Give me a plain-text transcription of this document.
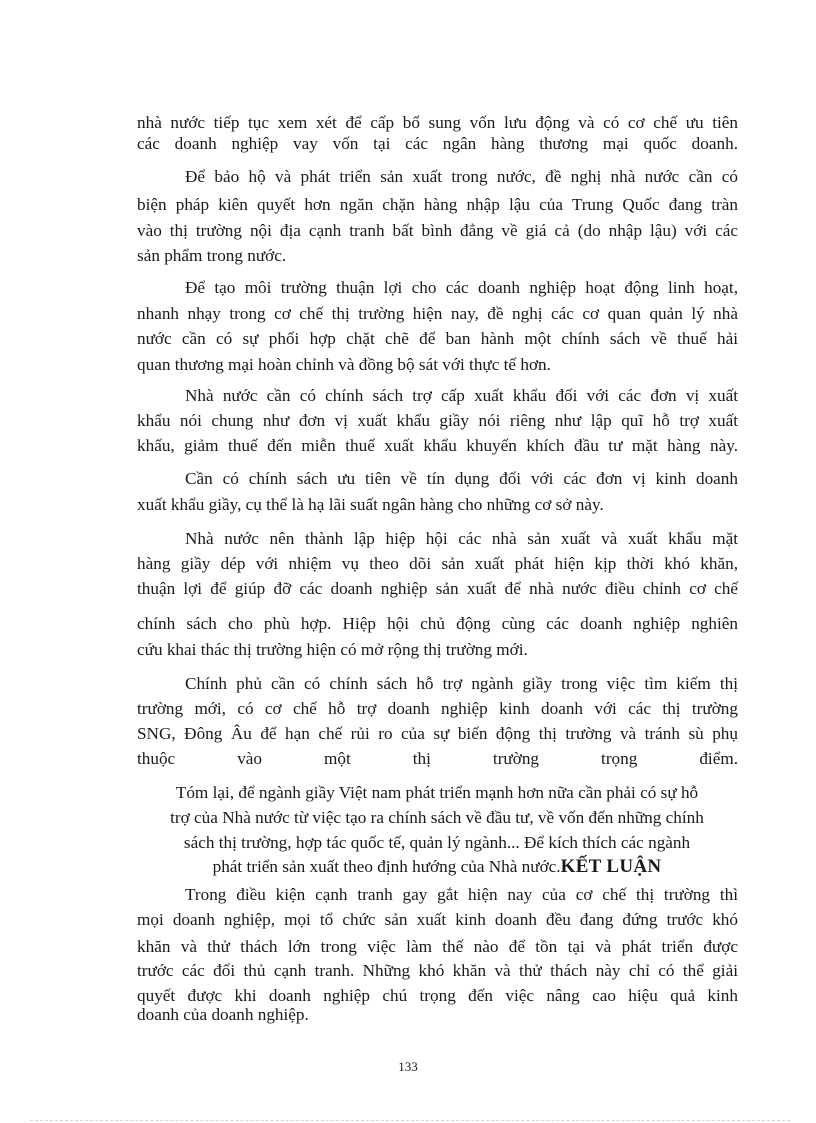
nhà nước tiếp tục xem xét để cấp bổ sung vốn lưu động và có cơ chế ưu tiên
các doanh nghiệp vay vốn tại các ngân hàng thương mại quốc doanh.
Để bảo hộ và phát triển sản xuất trong nước, đề nghị nhà nước cần có
biện pháp kiên quyết hơn ngăn chặn hàng nhập lậu của Trung Quốc đang tràn
vào thị trường nội địa cạnh tranh bất bình đẳng về giá cả (do nhập lậu) với các
sản phẩm trong nước.
Để tạo môi trường thuận lợi cho các doanh nghiệp hoạt động linh hoạt,
nhanh nhạy trong cơ chế thị trường hiện nay, đề nghị các cơ quan quản lý nhà
nước cần có sự phối hợp chặt chẽ để ban hành một chính sách về thuế hải
quan thương mại hoàn chỉnh và đồng bộ sát với thực tế hơn.
Nhà nước cần có chính sách trợ cấp xuất khẩu đối với các đơn vị xuất
khẩu nói chung như đơn vị xuất khẩu giầy nói riêng như lập quĩ hỗ trợ xuất
khẩu, giảm thuế đến miễn thuế xuất khẩu khuyến khích đầu tư mặt hàng này.
Cần có chính sách ưu tiên về tín dụng đối với các đơn vị kinh doanh
xuất khẩu giầy, cụ thể là hạ lãi suất ngân hàng cho những cơ sở này.
Nhà nước nên thành lập hiệp hội các nhà sản xuất và xuất khẩu mặt
hàng giầy dép với nhiệm vụ theo dõi sản xuất phát hiện kịp thời khó khăn,
thuận lợi để giúp đỡ các doanh nghiệp sản xuất để nhà nước điều chỉnh cơ chế
chính sách cho phù hợp. Hiệp hội chủ động cùng các doanh nghiệp nghiên
cứu khai thác thị trường hiện có mở rộng thị trường mới.
Chính phủ cần có chính sách hỗ trợ ngành giầy trong việc tìm kiếm thị
trường mới, có cơ chế hỗ trợ doanh nghiệp kinh doanh với các thị trường
SNG, Đông Âu để hạn chế rủi ro của sự biến động thị trường và tránh sù phụ
thuộc vào một thị trường trọng điểm.
Tóm lại, để ngành giầy Việt nam phát triển mạnh hơn nữa cần phải có sự hỗ
trợ của Nhà nước từ việc tạo ra chính sách về đầu tư, về vốn đến những chính
sách thị trường, hợp tác quốc tế, quản lý ngành... Để kích thích các ngành
phát triển sản xuất theo định hướng của Nhà nước.KẾT LUẬN
Trong điều kiện cạnh tranh gay gắt hiện nay của cơ chế thị trường thì
mọi doanh nghiệp, mọi tổ chức sản xuất kinh doanh đều đang đứng trước khó
khăn và thử thách lớn trong việc làm thế nào để tồn tại và phát triển được
trước các đối thủ cạnh tranh. Những khó khăn và thử thách này chỉ có thể giải
quyết được khi doanh nghiệp chú trọng đến việc nâng cao hiệu quả kinh
doanh của doanh nghiệp.
133
